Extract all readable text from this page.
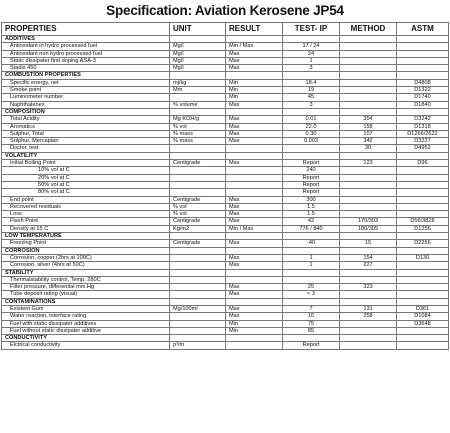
Specification: Aviation Kerosene JP54
PROPERTIES	UNIT	RESULT	TEST- IP	METHOD	ASTM
ADDITIVES					
Antioxidant in hydro processed fuel	Mg/l	Min / Max	17 / 24		
Antioxidant non hydro processed fuel	Mg/l	Max	24		
Static dissipater first doping ASA-3	Mg/l	Max	1		
Stadis 450	Mg/l	Max	3		
COMBUSTION PROPERTIES					
Specific energy, net	mj/kg	Min	18.4		D4808
Smoke point	Mm	Min	19		D1322
Luminometer number		Min	45		D1740
Naphthalenes	% volume	Max	3		D1840
COMPOSITION					
Total Acidity	Mg KOH/g	Max	0.01	354	D3242
Aromatics	% vol	Max	22.0	158	D1318
Sulphur, Total	% mass	Max	0.30	107	D1266/2622
Sulphur, Mercaptan	% mass	Max	0.003	342	D3227
Doctor, test				30	D4952
VOLATILITY					
Initial Boiling Point	Centigrade	Max	Report	123	D96
10% vol at C			240		
20% vol at C			Report		
50% vol at C			Report		
80% vol at C			Report		
End point	Centigrade	Max	300		
Recovered residuals	% vol	Max	1.5		
Loss	% vol	Max	1.5		
Flash Point	Centigrade	Max	42	170/303	D56/3828
Density at 15 C	Kg/m2	Min / Max	776 / 840	180/305	D1256
LOW TEMPERATURE					
Freezing Point	Centigrade	Max	-40	15	D2256
CORROSION					
Corrosion, copper (2hrs at 100C)		Max	1	154	D130
Corrosion, silver (4hrs at 50C)		Max	1	227	
STABILITY					
Thermalstability control, Temp. 280C					
Filter pressure, differential mm.Hg		Max	25	323	
Tube deposit rating (visual)		Max	< 3		
CONTAMINATIONS					
Existent Gum	Mg/100ml	Max	7	131	D361
Water reaction, interface rating		Max	16	258	D1084
Fuel with static dissipater additives		Min	75		D3648
Fuel without static dissipater additive		Min	85		
CONDUCTIVITY					
Elctrical conductivity	p³/m		Report		
